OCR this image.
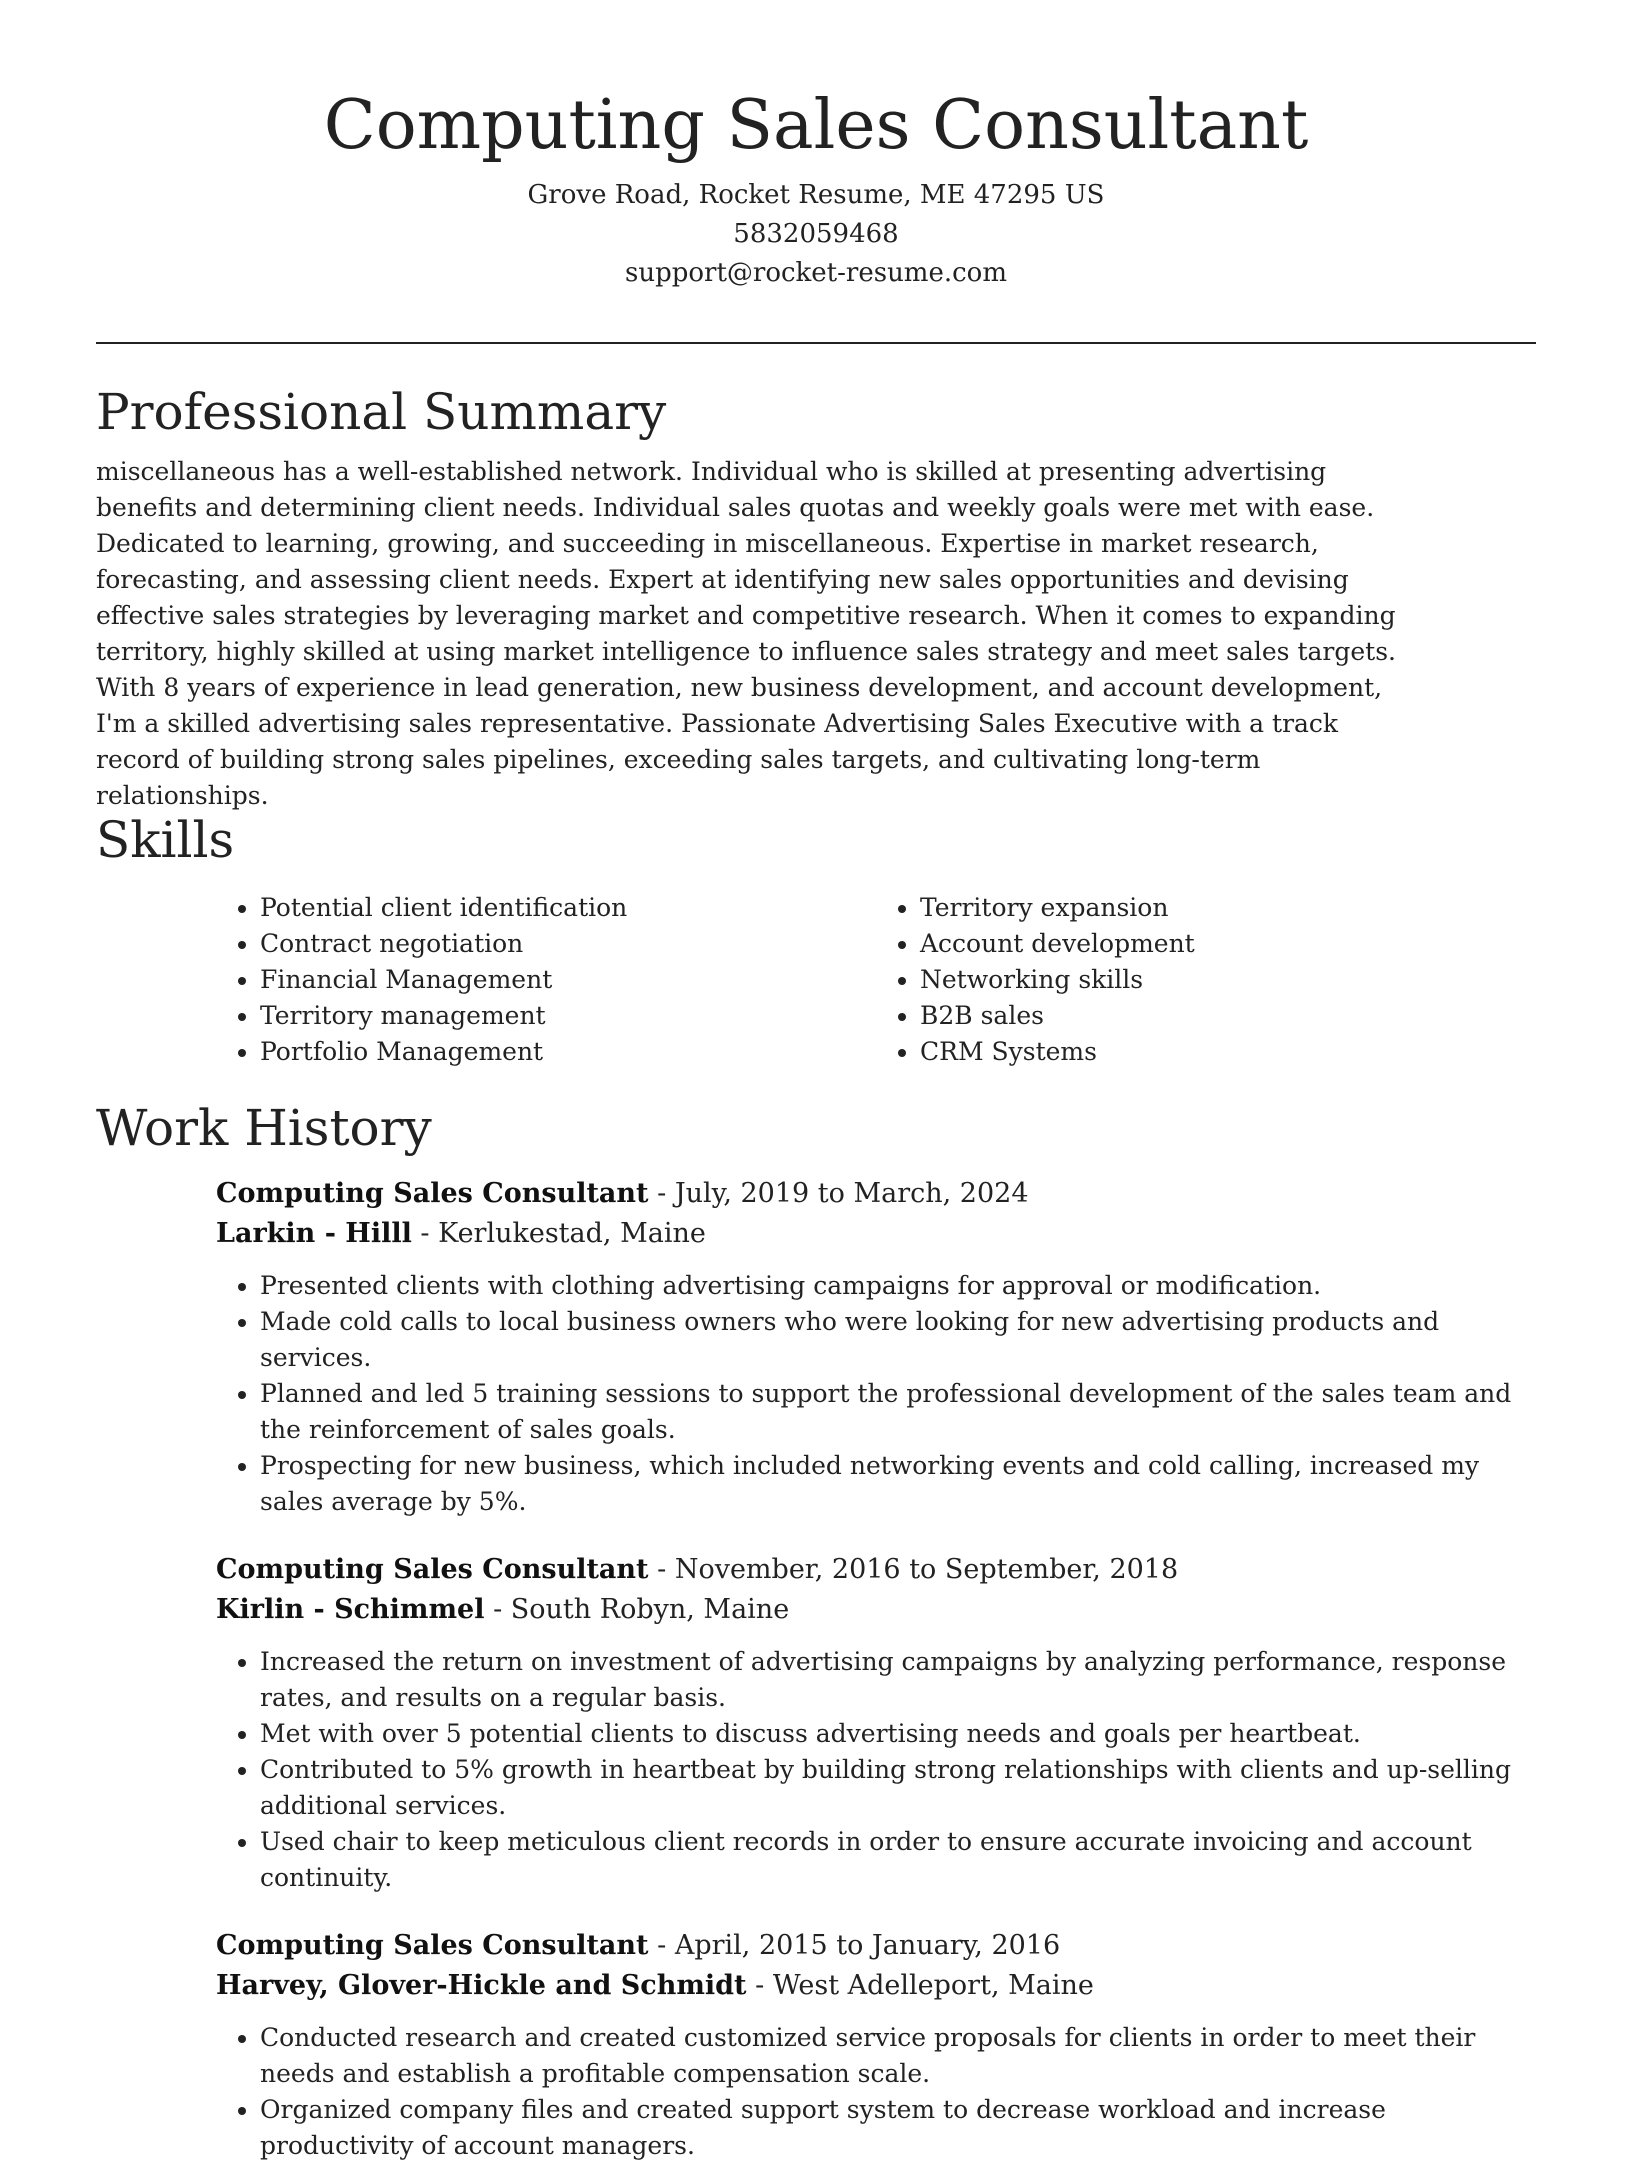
Computing Sales Consultant

Grove Road, Rocket Resume, ME 47295 US

5832059468

support@rocket-resume.com

Professional Summary

miscellaneous has a well-established network. Individual who is skilled at presenting advertising benefits and determining client needs. Individual sales quotas and weekly goals were met with ease. Dedicated to learning, growing, and succeeding in miscellaneous. Expertise in market research, forecasting, and assessing client needs. Expert at identifying new sales opportunities and devising effective sales strategies by leveraging market and competitive research. When it comes to expanding territory, highly skilled at using market intelligence to influence sales strategy and meet sales targets. With 8 years of experience in lead generation, new business development, and account development, I'm a skilled advertising sales representative. Passionate Advertising Sales Executive with a track record of building strong sales pipelines, exceeding sales targets, and cultivating long-term relationships.

Skills
• Potential client identification
• Contract negotiation
• Financial Management
• Territory management
• Portfolio Management
• Territory expansion
• Account development
• Networking skills
• B2B sales
• CRM Systems
Work History

Computing Sales Consultant - July, 2019 to March, 2024

Larkin - Hilll - Kerlukestad, Maine

• Presented clients with clothing advertising campaigns for approval or modification.
• Made cold calls to local business owners who were looking for new advertising products and services.
• Planned and led 5 training sessions to support the professional development of the sales team and the reinforcement of sales goals.
• Prospecting for new business, which included networking events and cold calling, increased my sales average by 5%.

Computing Sales Consultant - November, 2016 to September, 2018

Kirlin - Schimmel - South Robyn, Maine

• Increased the return on investment of advertising campaigns by analyzing performance, response rates, and results on a regular basis.
• Met with over 5 potential clients to discuss advertising needs and goals per heartbeat.
• Contributed to 5% growth in heartbeat by building strong relationships with clients and up-selling additional services.
• Used chair to keep meticulous client records in order to ensure accurate invoicing and account continuity.

Computing Sales Consultant - April, 2015 to January, 2016

Harvey, Glover-Hickle and Schmidt - West Adelleport, Maine

• Conducted research and created customized service proposals for clients in order to meet their needs and establish a profitable compensation scale.
• Organized company files and created support system to decrease workload and increase productivity of account managers.
